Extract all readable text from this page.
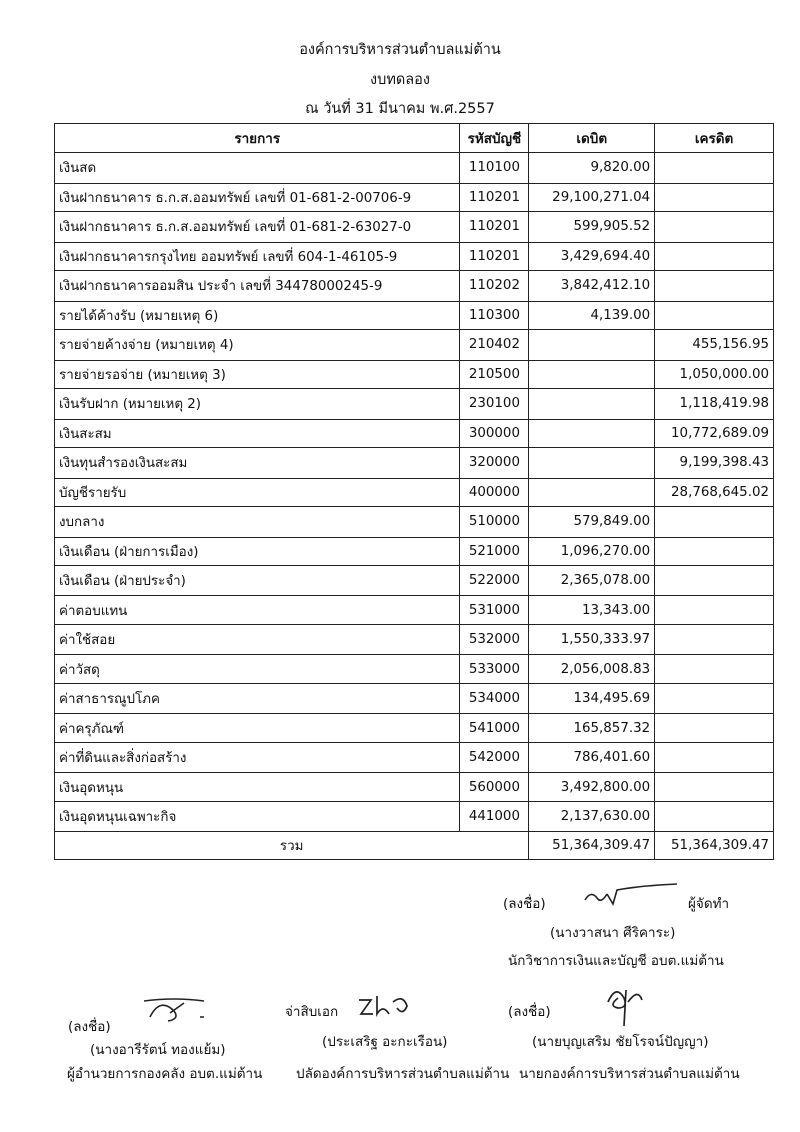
องค์การบริหารส่วนตำบลแม่ต้าน
งบทดลอง
ณ วันที่ 31 มีนาคม พ.ศ.2557
รายการ	รหัสบัญชี	เดบิต	เครดิต
เงินสด	110100	9,820.00	
เงินฝากธนาคาร ธ.ก.ส.ออมทรัพย์ เลขที่ 01-681-2-00706-9	110201	29,100,271.04	
เงินฝากธนาคาร ธ.ก.ส.ออมทรัพย์ เลขที่ 01-681-2-63027-0	110201	599,905.52	
เงินฝากธนาคารกรุงไทย ออมทรัพย์ เลขที่ 604-1-46105-9	110201	3,429,694.40	
เงินฝากธนาคารออมสิน ประจำ เลขที่ 34478000245-9	110202	3,842,412.10	
รายได้ค้างรับ (หมายเหตุ 6)	110300	4,139.00	
รายจ่ายค้างจ่าย (หมายเหตุ 4)	210402		455,156.95
รายจ่ายรอจ่าย (หมายเหตุ 3)	210500		1,050,000.00
เงินรับฝาก (หมายเหตุ 2)	230100		1,118,419.98
เงินสะสม	300000		10,772,689.09
เงินทุนสำรองเงินสะสม	320000		9,199,398.43
บัญชีรายรับ	400000		28,768,645.02
งบกลาง	510000	579,849.00	
เงินเดือน (ฝ่ายการเมือง)	521000	1,096,270.00	
เงินเดือน (ฝ่ายประจำ)	522000	2,365,078.00	
ค่าตอบแทน	531000	13,343.00	
ค่าใช้สอย	532000	1,550,333.97	
ค่าวัสดุ	533000	2,056,008.83	
ค่าสาธารณูปโภค	534000	134,495.69	
ค่าครุภัณฑ์	541000	165,857.32	
ค่าที่ดินและสิ่งก่อสร้าง	542000	786,401.60	
เงินอุดหนุน	560000	3,492,800.00	
เงินอุดหนุนเฉพาะกิจ	441000	2,137,630.00	
รวม		51,364,309.47	51,364,309.47
(ลงชื่อ)	ผู้จัดทำ
(นางวาสนา ศีริคาระ)
นักวิชาการเงินและบัญชี อบต.แม่ต้าน
(ลงชื่อ)
(นางอารีรัตน์ ทองแย้ม)
ผู้อำนวยการกองคลัง อบต.แม่ต้าน
จ่าสิบเอก
(ประเสริฐ อะกะเรือน)
ปลัดองค์การบริหารส่วนตำบลแม่ต้าน
(ลงชื่อ)
(นายบุญเสริม ชัยโรจน์ปัญญา)
นายกองค์การบริหารส่วนตำบลแม่ต้าน
